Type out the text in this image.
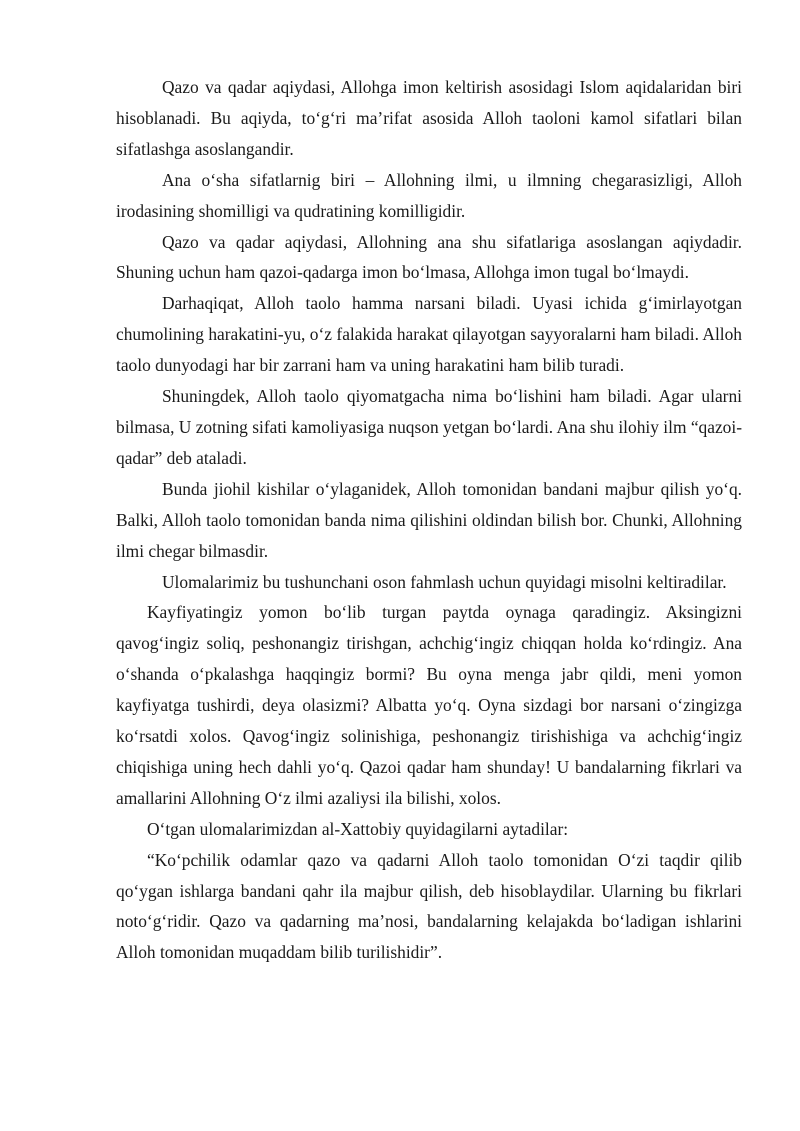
Qazo va qadar aqiydasi, Allohga imon keltirish asosidagi Islom aqidalaridan biri hisoblanadi. Bu aqiyda, to‘g‘ri ma’rifat asosida Alloh taoloni kamol sifatlari bilan sifatlashga asoslangandir.

Ana o‘sha sifatlarnig biri – Allohning ilmi, u ilmning chegarasizligi, Alloh irodasining shomilligi va qudratining komilligidir.

Qazo va qadar aqiydasi, Allohning ana shu sifatlariga asoslangan aqiydadir. Shuning uchun ham qazoi-qadarga imon bo‘lmasa, Allohga imon tugal bo‘lmaydi.

Darhaqiqat, Alloh taolo hamma narsani biladi. Uyasi ichida g‘imirlayotgan chumolining harakatini-yu, o‘z falakida harakat qilayotgan sayyoralarni ham biladi. Alloh taolo dunyodagi har bir zarrani ham va uning harakatini ham bilib turadi.

Shuningdek, Alloh taolo qiyomatgacha nima bo‘lishini ham biladi. Agar ularni bilmasa, U zotning sifati kamoliyasiga nuqson yetgan bo‘lardi. Ana shu ilohiy ilm “qazoi-qadar” deb ataladi.

Bunda jiohil kishilar o‘ylaganidek, Alloh tomonidan bandani majbur qilish yo‘q. Balki, Alloh taolo tomonidan banda nima qilishini oldindan bilish bor. Chunki, Allohning ilmi chegar bilmasdir.

Ulomalarimiz bu tushunchani oson fahmlash uchun quyidagi misolni keltiradilar.

Kayfiyatingiz yomon bo‘lib turgan paytda oynaga qaradingiz. Aksingizni qavog‘ingiz soliq, peshonangiz tirishgan, achchig‘ingiz chiqqan holda ko‘rdingiz. Ana o‘shanda o‘pkalashga haqqingiz bormi? Bu oyna menga jabr qildi, meni yomon kayfiyatga tushirdi, deya olasizmi? Albatta yo‘q. Oyna sizdagi bor narsani o‘zingizga ko‘rsatdi xolos. Qavog‘ingiz solinishiga, peshonangiz tirishishiga va achchig‘ingiz chiqishiga uning hech dahli yo‘q. Qazoi qadar ham shunday! U bandalarning fikrlari va amallarini Allohning O‘z ilmi azaliysi ila bilishi, xolos.

O‘tgan ulomalarimizdan al-Xattobiy quyidagilarni aytadilar:

“Ko‘pchilik odamlar qazo va qadarni Alloh taolo tomonidan O‘zi taqdir qilib qo‘ygan ishlarga bandani qahr ila majbur qilish, deb hisoblaydilar. Ularning bu fikrlari noto‘g‘ridir. Qazo va qadarning ma’nosi, bandalarning kelajakda bo‘ladigan ishlarini Alloh tomonidan muqaddam bilib turilishidir”.
